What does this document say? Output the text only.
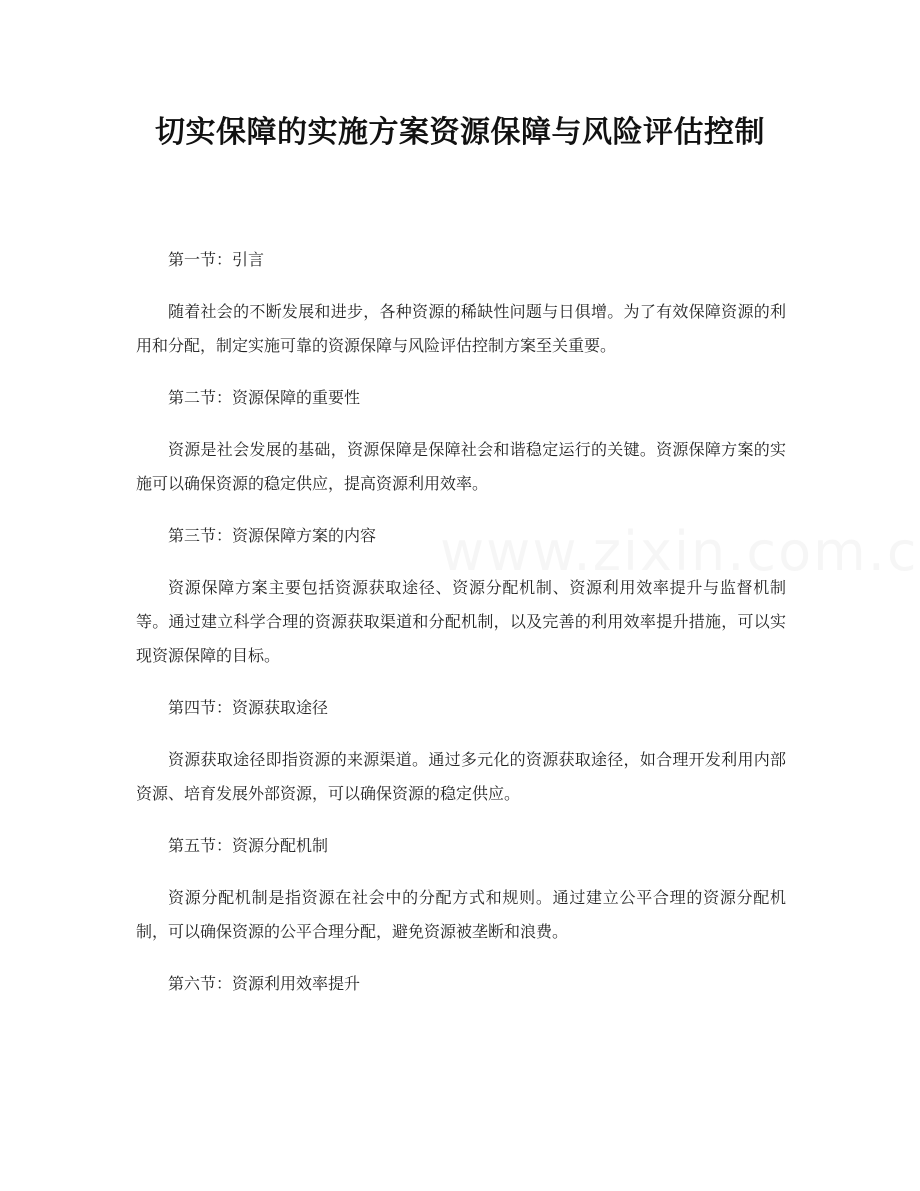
切实保障的实施方案资源保障与风险评估控制

第一节：引言

随着社会的不断发展和进步，各种资源的稀缺性问题与日俱增。为了有效保障资源的利用和分配，制定实施可靠的资源保障与风险评估控制方案至关重要。

第二节：资源保障的重要性

资源是社会发展的基础，资源保障是保障社会和谐稳定运行的关键。资源保障方案的实施可以确保资源的稳定供应，提高资源利用效率。

第三节：资源保障方案的内容

资源保障方案主要包括资源获取途径、资源分配机制、资源利用效率提升与监督机制等。通过建立科学合理的资源获取渠道和分配机制，以及完善的利用效率提升措施，可以实现资源保障的目标。

第四节：资源获取途径

资源获取途径即指资源的来源渠道。通过多元化的资源获取途径，如合理开发利用内部资源、培育发展外部资源，可以确保资源的稳定供应。

第五节：资源分配机制

资源分配机制是指资源在社会中的分配方式和规则。通过建立公平合理的资源分配机制，可以确保资源的公平合理分配，避免资源被垄断和浪费。

第六节：资源利用效率提升
